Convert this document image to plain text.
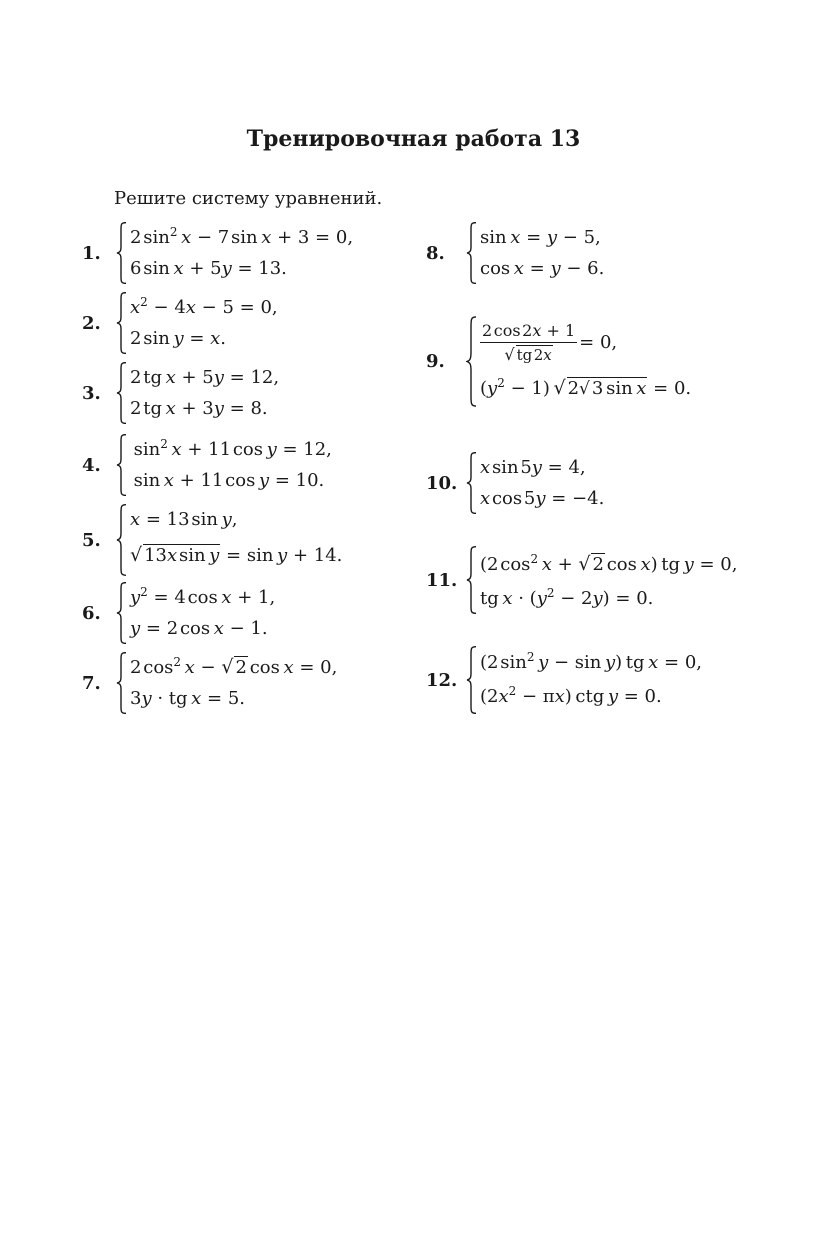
Тренировочная работа 13
Решите систему уравнений.
1.
2 $\sin^2 x - 7$ sin x + 3 = 0,
6 sin x + 5y = 13.
2.
$x^2 - 4x - 5 = 0$,
2 sin y = x.
3.
2 tg x + 5y = 12,
2 tg x + 3y = 8.
4.
 $\sin^2 x + 11$ cos y = 12,
 sin x + 11 cos y = 10.
5.
x = 13 sin y,
√ 13x sin y = sin y + 14.
6.
$y^2 = 4$ cos x + 1,
y = 2 cos x − 1.
7.
2 $\cos^2 x$ − √ 2 cos x = 0,
3y · tg x = 5.
8.
sin x = y − 5,
cos x = y − 6.
9.	$\frac{2 \cos 2x + 1}{√ tg 2x} = 0$,
$(y^2 - 1)$ √ 2√ 3 sin x = 0.
10.
x sin 5y = 4,
x cos 5y = −4.
11.
(2 $\cos^2 x$ + √ 2 cos x) tg y = 0,
tg $x \cdot (y^2 - 2y) = 0$.
12.
(2 $\sin^2 y - \sin y$) tg x = 0,
$(2x^2 - \pi x)$ ctg y = 0.
